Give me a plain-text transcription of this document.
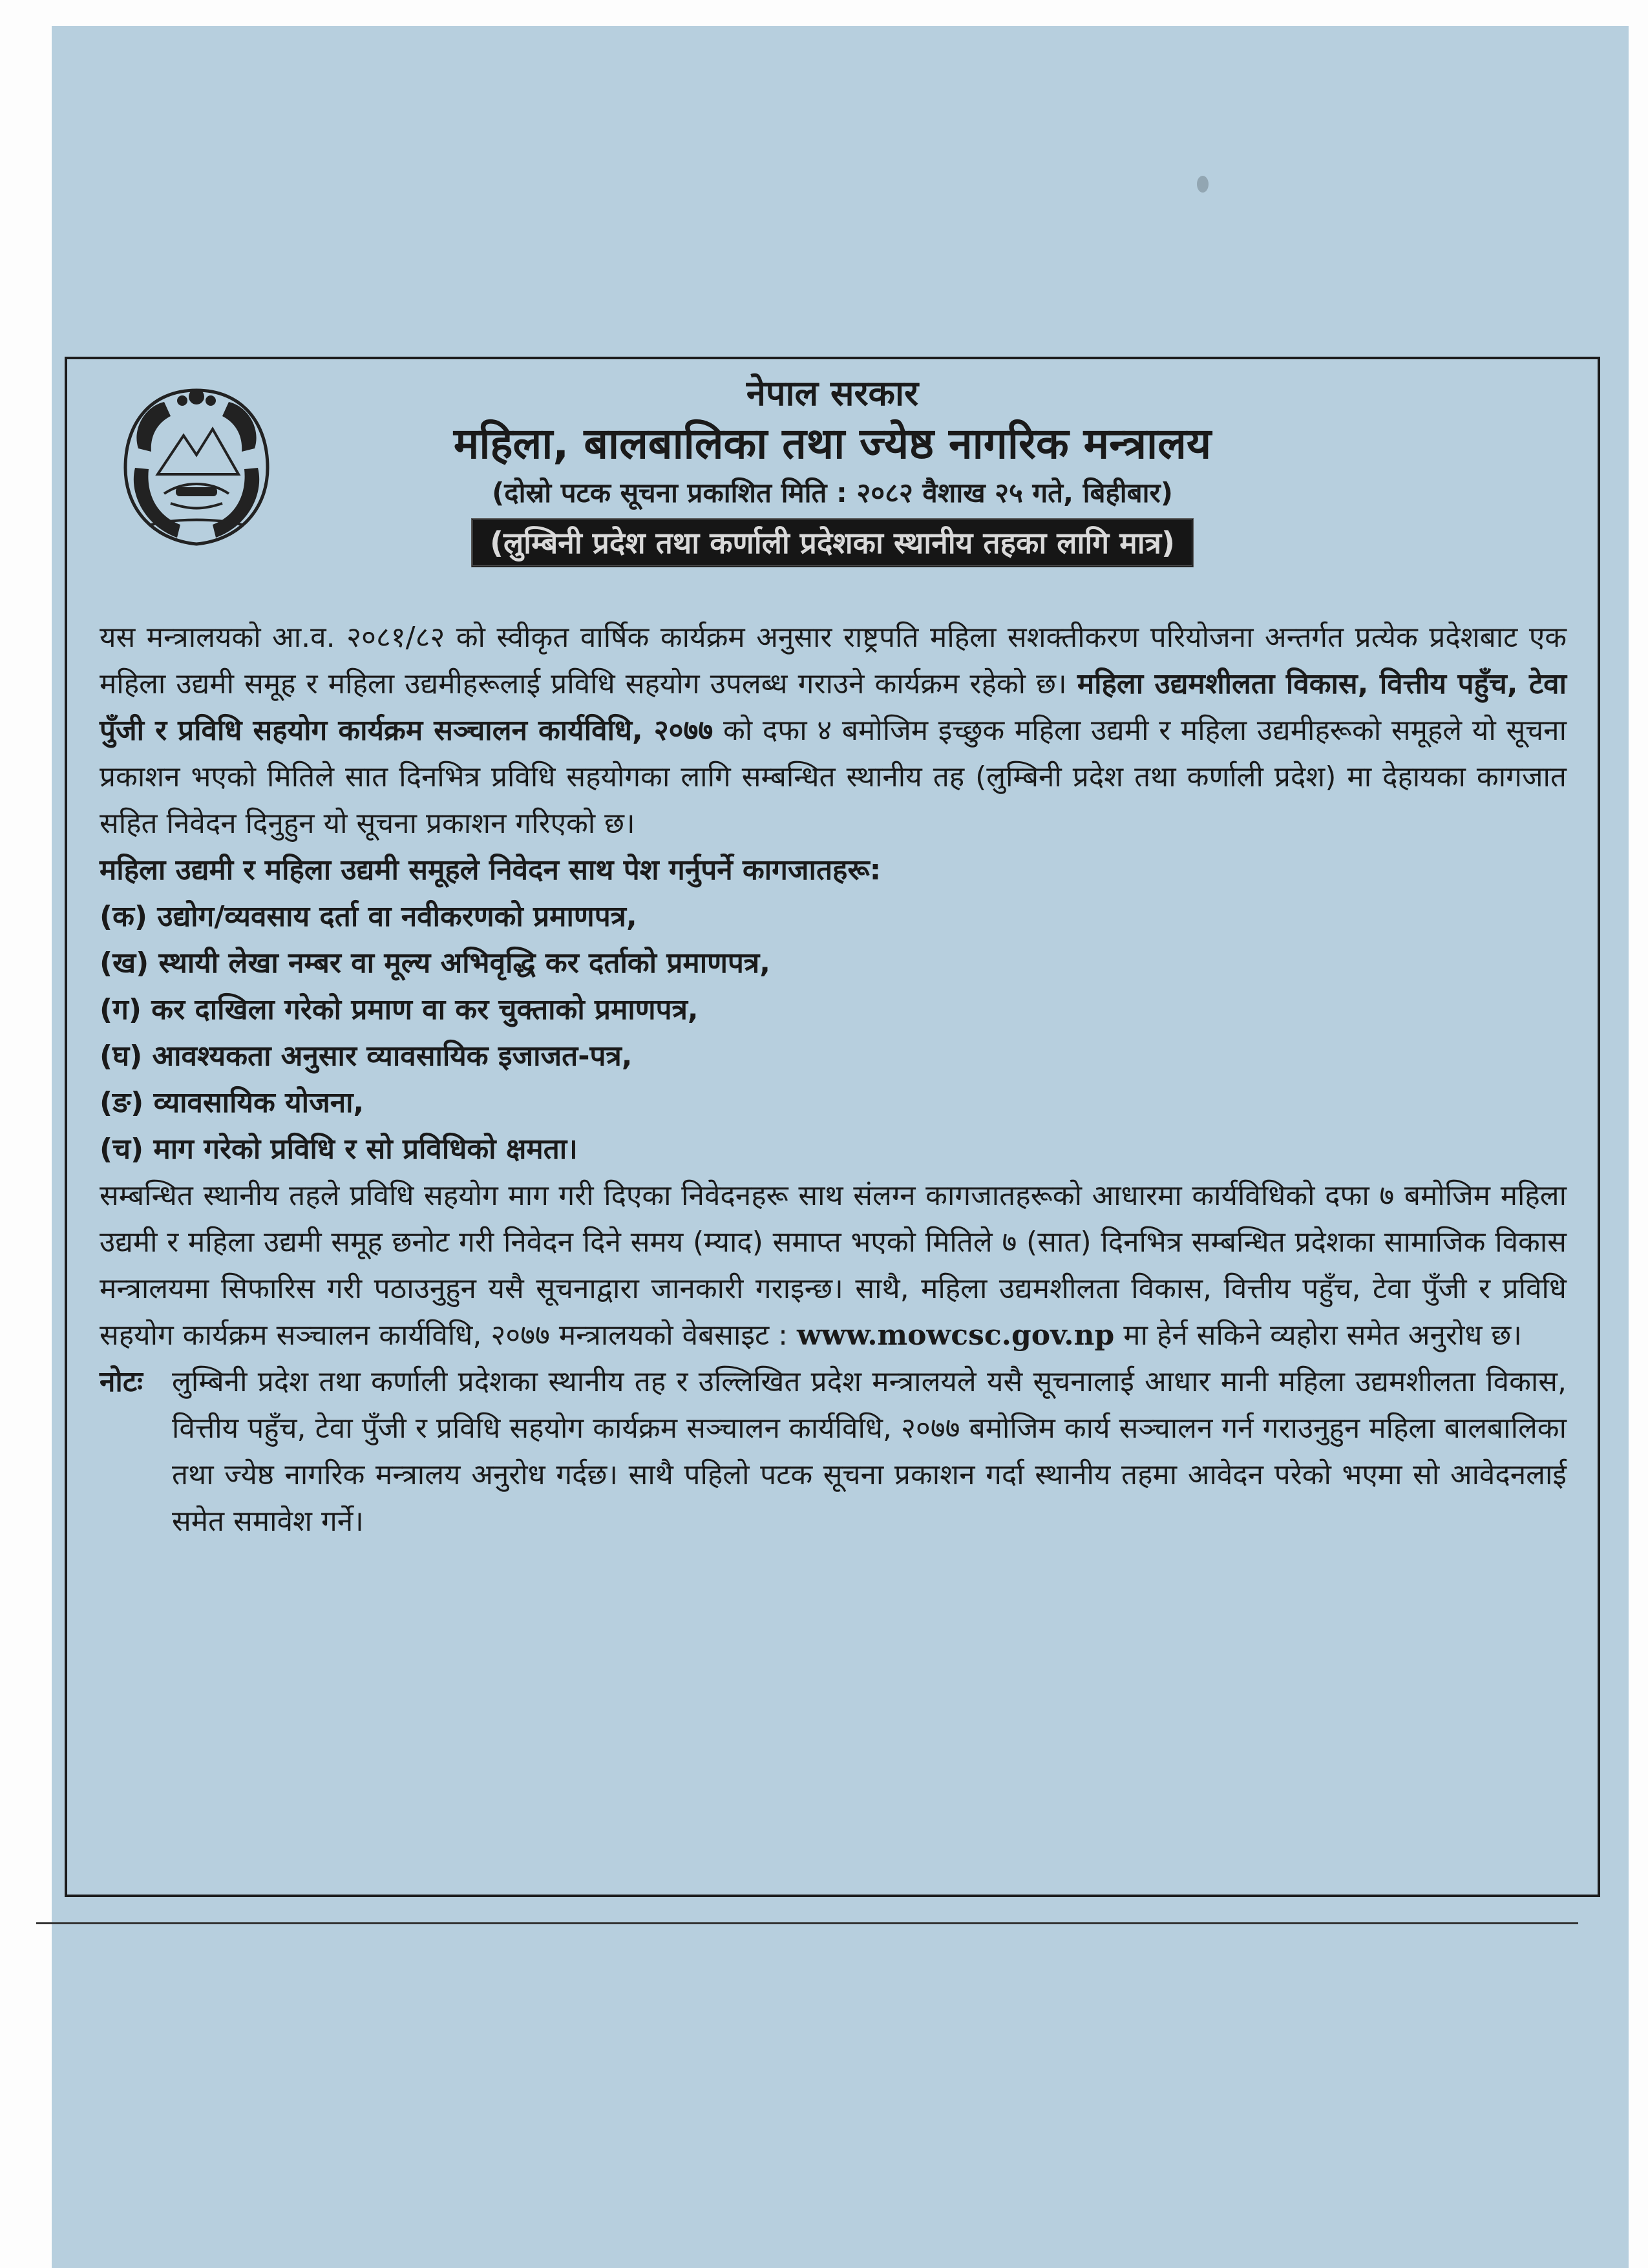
नेपाल सरकार
महिला, बालबालिका तथा ज्येष्ठ नागरिक मन्त्रालय
(दोस्रो पटक सूचना प्रकाशित मिति : २०८२ वैशाख २५ गते, बिहीबार)
(लुम्बिनी प्रदेश तथा कर्णाली प्रदेशका स्थानीय तहका लागि मात्र)

यस मन्त्रालयको आ.व. २०८१/८२ को स्वीकृत वार्षिक कार्यक्रम अनुसार राष्ट्रपति महिला सशक्तीकरण परियोजना अन्तर्गत प्रत्येक प्रदेशबाट एक महिला उद्यमी समूह र महिला उद्यमीहरूलाई प्रविधि सहयोग उपलब्ध गराउने कार्यक्रम रहेको छ। महिला उद्यमशीलता विकास, वित्तीय पहुँच, टेवा पुँजी र प्रविधि सहयोग कार्यक्रम सञ्चालन कार्यविधि, २०७७ को दफा ४ बमोजिम इच्छुक महिला उद्यमी र महिला उद्यमीहरूको समूहले यो सूचना प्रकाशन भएको मितिले सात दिनभित्र प्रविधि सहयोगका लागि सम्बन्धित स्थानीय तह (लुम्बिनी प्रदेश तथा कर्णाली प्रदेश) मा देहायका कागजात सहित निवेदन दिनुहुन यो सूचना प्रकाशन गरिएको छ।

महिला उद्यमी र महिला उद्यमी समूहले निवेदन साथ पेश गर्नुपर्ने कागजातहरू:

(क) उद्योग/व्यवसाय दर्ता वा नवीकरणको प्रमाणपत्र,
(ख) स्थायी लेखा नम्बर वा मूल्य अभिवृद्धि कर दर्ताको प्रमाणपत्र,
(ग) कर दाखिला गरेको प्रमाण वा कर चुक्ताको प्रमाणपत्र,
(घ) आवश्यकता अनुसार व्यावसायिक इजाजत-पत्र,
(ङ) व्यावसायिक योजना,
(च) माग गरेको प्रविधि र सो प्रविधिको क्षमता।

सम्बन्धित स्थानीय तहले प्रविधि सहयोग माग गरी दिएका निवेदनहरू साथ संलग्न कागजातहरूको आधारमा कार्यविधिको दफा ७ बमोजिम महिला उद्यमी र महिला उद्यमी समूह छनोट गरी निवेदन दिने समय (म्याद) समाप्त भएको मितिले ७ (सात) दिनभित्र सम्बन्धित प्रदेशका सामाजिक विकास मन्त्रालयमा सिफारिस गरी पठाउनुहुन यसै सूचनाद्वारा जानकारी गराइन्छ। साथै, महिला उद्यमशीलता विकास, वित्तीय पहुँच, टेवा पुँजी र प्रविधि सहयोग कार्यक्रम सञ्चालन कार्यविधि, २०७७ मन्त्रालयको वेबसाइट : www.mowcsc.gov.np मा हेर्न सकिने व्यहोरा समेत अनुरोध छ।

नोटः	लुम्बिनी प्रदेश तथा कर्णाली प्रदेशका स्थानीय तह र उल्लिखित प्रदेश मन्त्रालयले यसै सूचनालाई आधार मानी महिला उद्यमशीलता विकास, वित्तीय पहुँच, टेवा पुँजी र प्रविधि सहयोग कार्यक्रम सञ्चालन कार्यविधि, २०७७ बमोजिम कार्य सञ्चालन गर्न गराउनुहुन महिला बालबालिका तथा ज्येष्ठ नागरिक मन्त्रालय अनुरोध गर्दछ। साथै पहिलो पटक सूचना प्रकाशन गर्दा स्थानीय तहमा आवेदन परेको भएमा सो आवेदनलाई समेत समावेश गर्ने।
